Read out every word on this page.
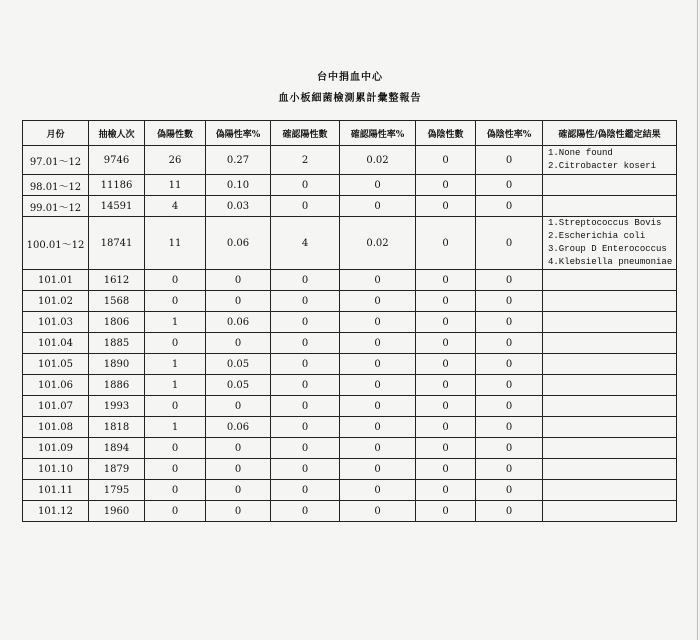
台中捐血中心
血小板細菌檢測累計彙整報告
月份	抽檢人次	偽陽性數	偽陽性率%	確認陽性數	確認陽性率%	偽陰性數	偽陰性率%	確認陽性/偽陰性鑑定結果
97.01～12	9746	26	0.27	2	0.02	0	0	1.None found
2.Citrobacter koseri

98.01～12	11186	11	0.10	0	0	0	0	
99.01～12	14591	4	0.03	0	0	0	0	
100.01～12	18741	11	0.06	4	0.02	0	0	1.Streptococcus Bovis
2.Escherichia coli
3.Group D Enterococcus
4.Klebsiella pneumoniae

101.01	1612	0	0	0	0	0	0	
101.02	1568	0	0	0	0	0	0	
101.03	1806	1	0.06	0	0	0	0	
101.04	1885	0	0	0	0	0	0	
101.05	1890	1	0.05	0	0	0	0	
101.06	1886	1	0.05	0	0	0	0	
101.07	1993	0	0	0	0	0	0	
101.08	1818	1	0.06	0	0	0	0	
101.09	1894	0	0	0	0	0	0	
101.10	1879	0	0	0	0	0	0	
101.11	1795	0	0	0	0	0	0	
101.12	1960	0	0	0	0	0	0	
